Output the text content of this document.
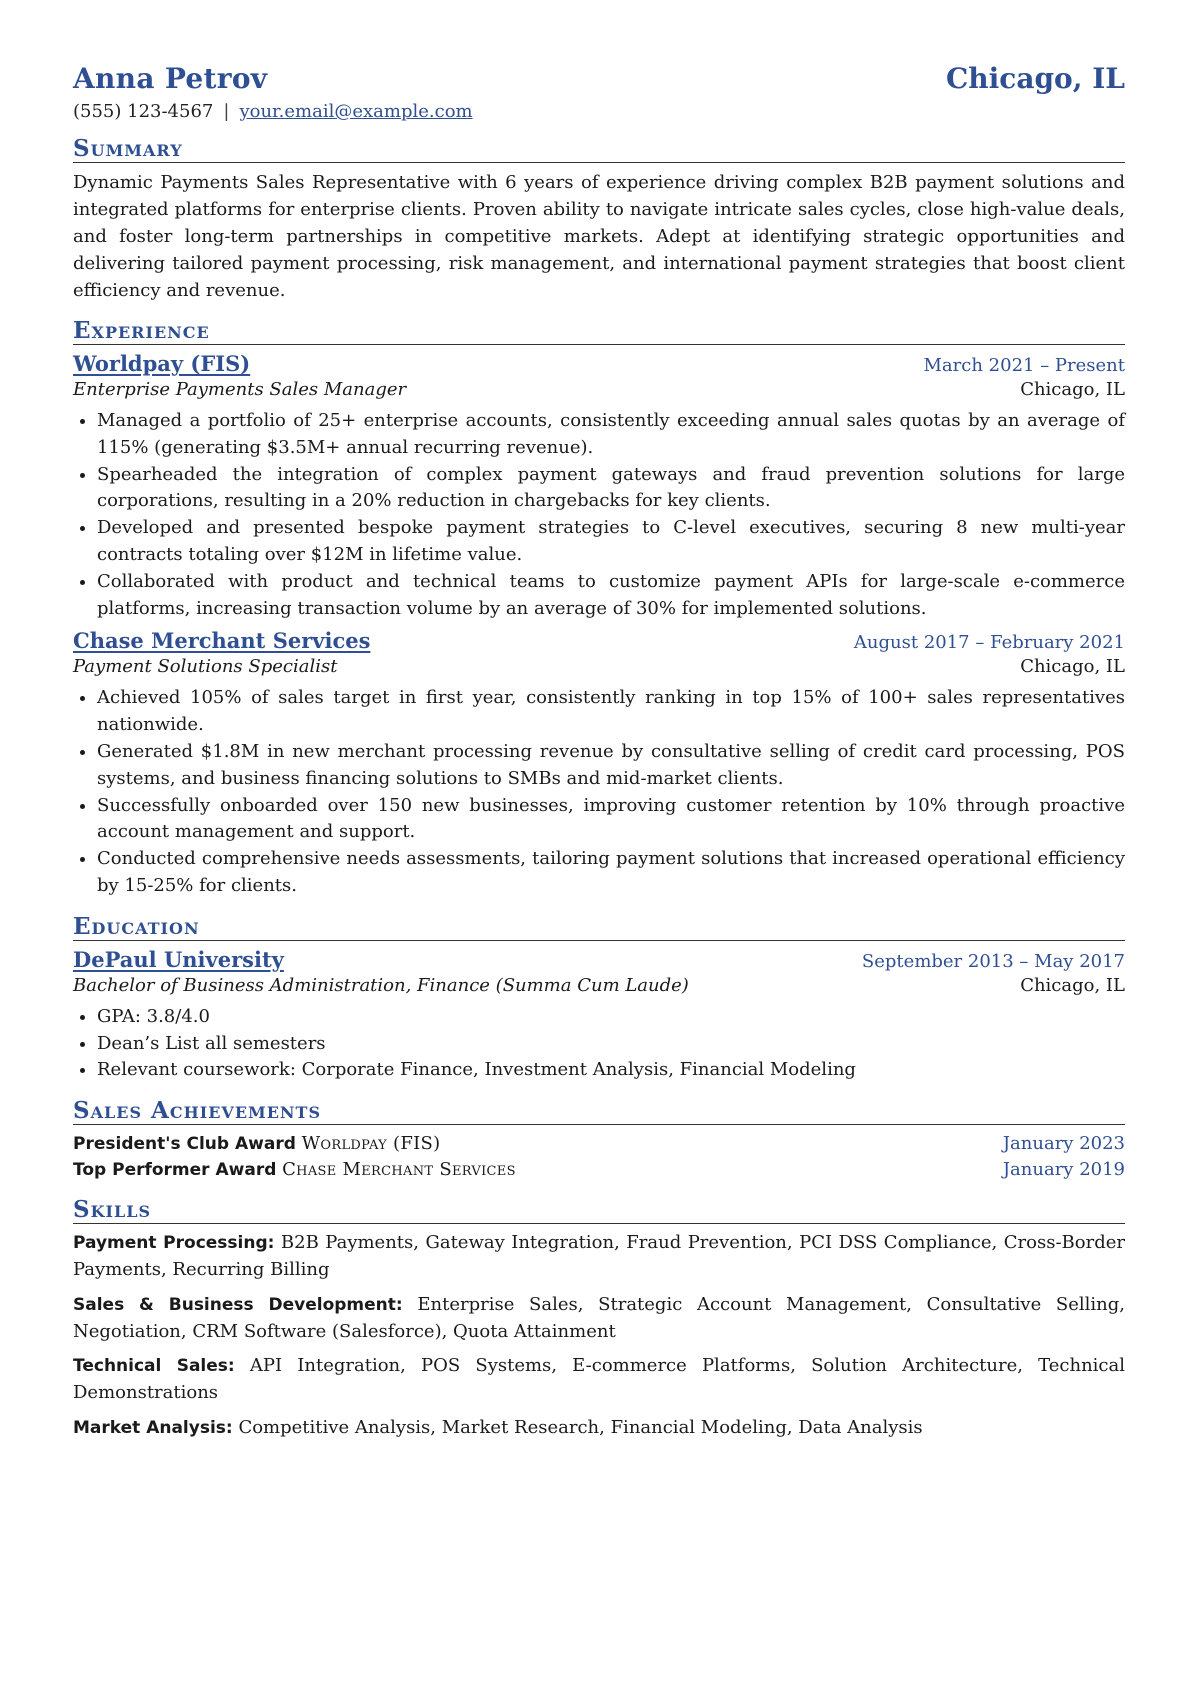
Anna Petrov	Chicago, IL
(555) 123-4567 | your.email@example.com
Summary
Dynamic Payments Sales Representative with 6 years of experience driving complex B2B payment solutions and integrated platforms for enterprise clients. Proven ability to navigate intricate sales cycles, close high-value deals, and foster long-term partnerships in competitive markets. Adept at identifying strategic opportunities and delivering tailored payment processing, risk management, and international payment strategies that boost client efficiency and revenue.
Experience
Worldpay (FIS)	March 2021 – Present
Enterprise Payments Sales Manager	Chicago, IL
• Managed a portfolio of 25+ enterprise accounts, consistently exceeding annual sales quotas by an average of 115% (generating $3.5M+ annual recurring revenue).
• Spearheaded the integration of complex payment gateways and fraud prevention solutions for large corporations, resulting in a 20% reduction in chargebacks for key clients.
• Developed and presented bespoke payment strategies to C-level executives, securing 8 new multi-year contracts totaling over $12M in lifetime value.
• Collaborated with product and technical teams to customize payment APIs for large-scale e-commerce platforms, increasing transaction volume by an average of 30% for implemented solutions.
Chase Merchant Services	August 2017 – February 2021
Payment Solutions Specialist	Chicago, IL
• Achieved 105% of sales target in first year, consistently ranking in top 15% of 100+ sales representatives nationwide.
• Generated $1.8M in new merchant processing revenue by consultative selling of credit card processing, POS systems, and business financing solutions to SMBs and mid-market clients.
• Successfully onboarded over 150 new businesses, improving customer retention by 10% through proactive account management and support.
• Conducted comprehensive needs assessments, tailoring payment solutions that increased operational efficiency by 15-25% for clients.
Education
DePaul University	September 2013 – May 2017
Bachelor of Business Administration, Finance (Summa Cum Laude)	Chicago, IL
• GPA: 3.8/4.0
• Dean’s List all semesters
• Relevant coursework: Corporate Finance, Investment Analysis, Financial Modeling
Sales Achievements
President's Club Award Worldpay (FIS)	January 2023
Top Performer Award Chase Merchant Services	January 2019
Skills
Payment Processing: B2B Payments, Gateway Integration, Fraud Prevention, PCI DSS Compliance, Cross-Border Payments, Recurring Billing
Sales & Business Development: Enterprise Sales, Strategic Account Management, Consultative Selling, Negotiation, CRM Software (Salesforce), Quota Attainment
Technical Sales: API Integration, POS Systems, E-commerce Platforms, Solution Architecture, Technical Demonstrations
Market Analysis: Competitive Analysis, Market Research, Financial Modeling, Data Analysis
